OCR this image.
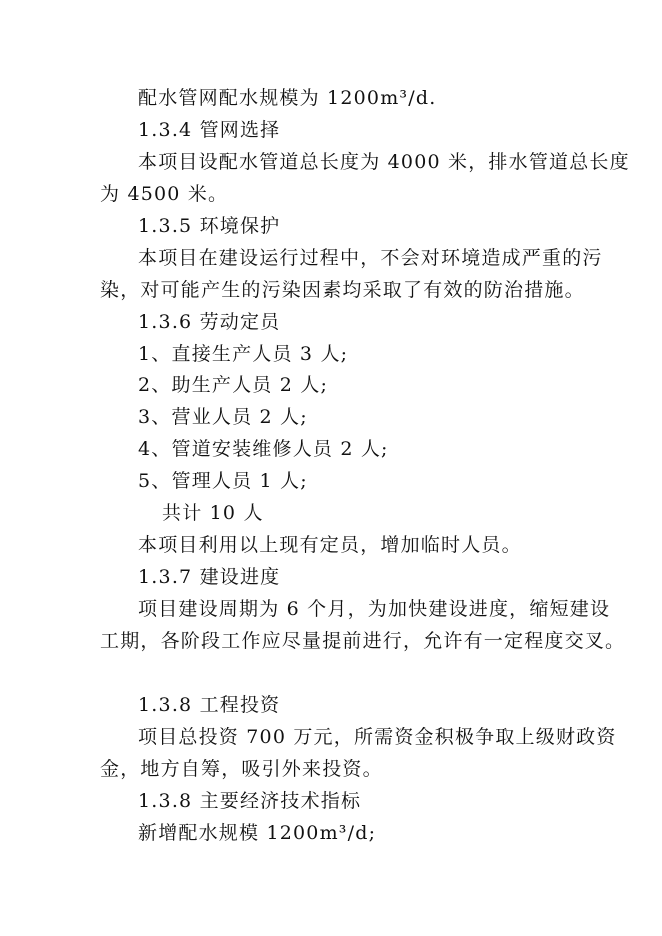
配水管网配水规模为 1200m³/d.
1.3.4 管网选择
本项目设配水管道总长度为 4000 米，排水管道总长度
为 4500 米。
1.3.5 环境保护
本项目在建设运行过程中，不会对环境造成严重的污
染，对可能产生的污染因素均采取了有效的防治措施。
1.3.6 劳动定员
1、直接生产人员 3 人;
2、助生产人员 2 人;
3、营业人员 2 人;
4、管道安装维修人员 2 人;
5、管理人员 1 人;
共计 10 人
本项目利用以上现有定员，增加临时人员。
1.3.7 建设进度
项目建设周期为 6 个月，为加快建设进度，缩短建设
工期，各阶段工作应尽量提前进行，允许有一定程度交叉。
1.3.8 工程投资
项目总投资 700 万元，所需资金积极争取上级财政资
金，地方自筹，吸引外来投资。
1.3.8 主要经济技术指标
新增配水规模 1200m³/d;
